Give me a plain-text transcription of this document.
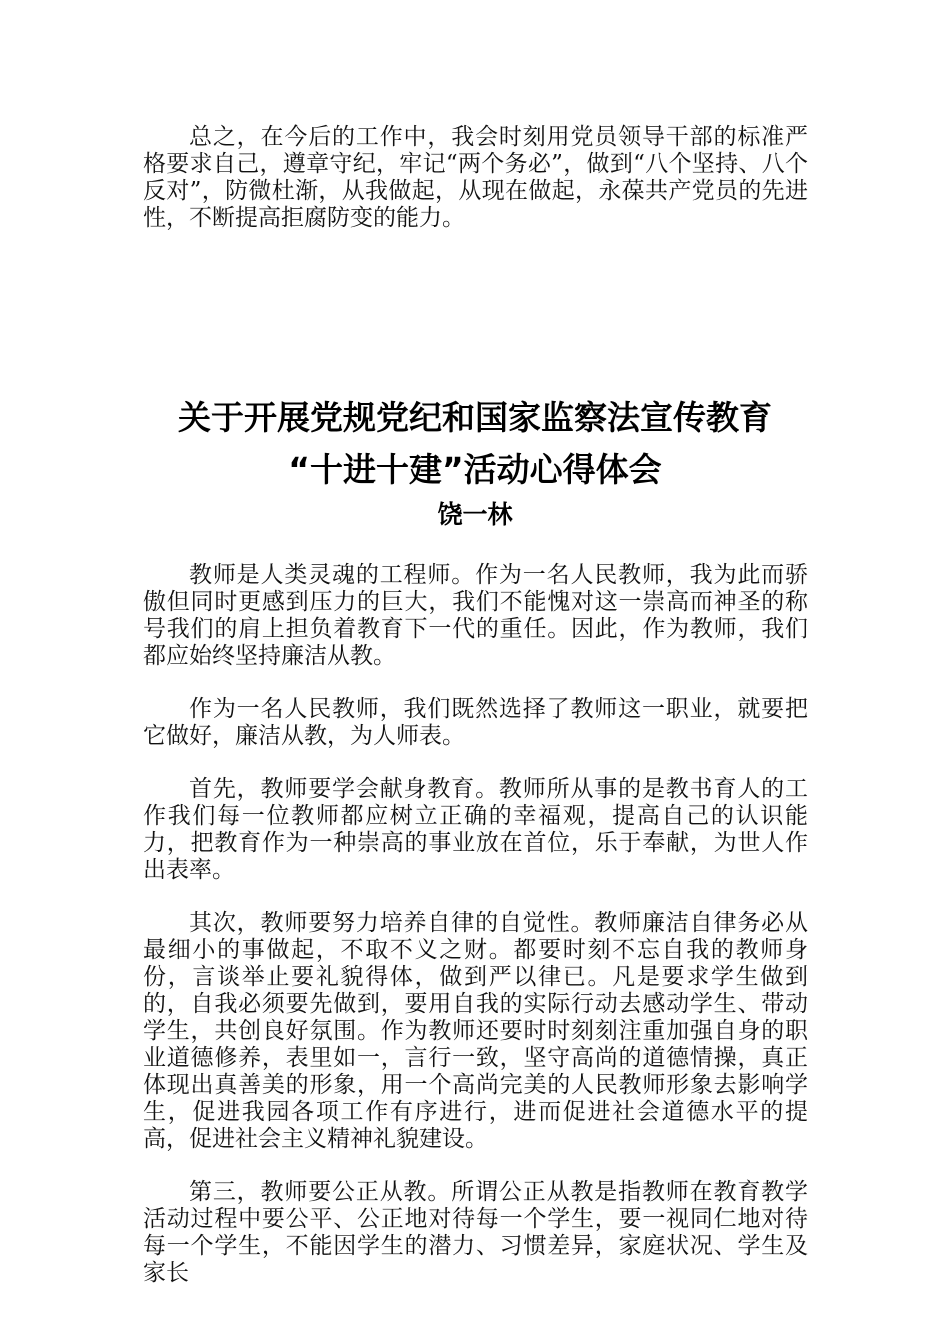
总之，在今后的工作中，我会时刻用党员领导干部的标准严格要求自己，遵章守纪，牢记“两个务必”，做到“八个坚持、八个反对”，防微杜渐，从我做起，从现在做起，永葆共产党员的先进性，不断提高拒腐防变的能力。

关于开展党规党纪和国家监察法宣传教育
“十进十建”活动心得体会
饶一林

教师是人类灵魂的工程师。作为一名人民教师，我为此而骄傲但同时更感到压力的巨大，我们不能愧对这一崇高而神圣的称号我们的肩上担负着教育下一代的重任。因此，作为教师，我们都应始终坚持廉洁从教。

作为一名人民教师，我们既然选择了教师这一职业，就要把它做好，廉洁从教，为人师表。

首先，教师要学会献身教育。教师所从事的是教书育人的工作我们每一位教师都应树立正确的幸福观，提高自己的认识能力，把教育作为一种崇高的事业放在首位，乐于奉献，为世人作出表率。

其次，教师要努力培养自律的自觉性。教师廉洁自律务必从最细小的事做起，不取不义之财。都要时刻不忘自我的教师身份，言谈举止要礼貌得体，做到严以律已。凡是要求学生做到的，自我必须要先做到，要用自我的实际行动去感动学生、带动学生，共创良好氛围。作为教师还要时时刻刻注重加强自身的职业道德修养，表里如一，言行一致，坚守高尚的道德情操，真正体现出真善美的形象，用一个高尚完美的人民教师形象去影响学生，促进我园各项工作有序进行，进而促进社会道德水平的提高，促进社会主义精神礼貌建设。

第三，教师要公正从教。所谓公正从教是指教师在教育教学活动过程中要公平、公正地对待每一个学生，要一视同仁地对待每一个学生，不能因学生的潜力、习惯差异，家庭状况、学生及家长
